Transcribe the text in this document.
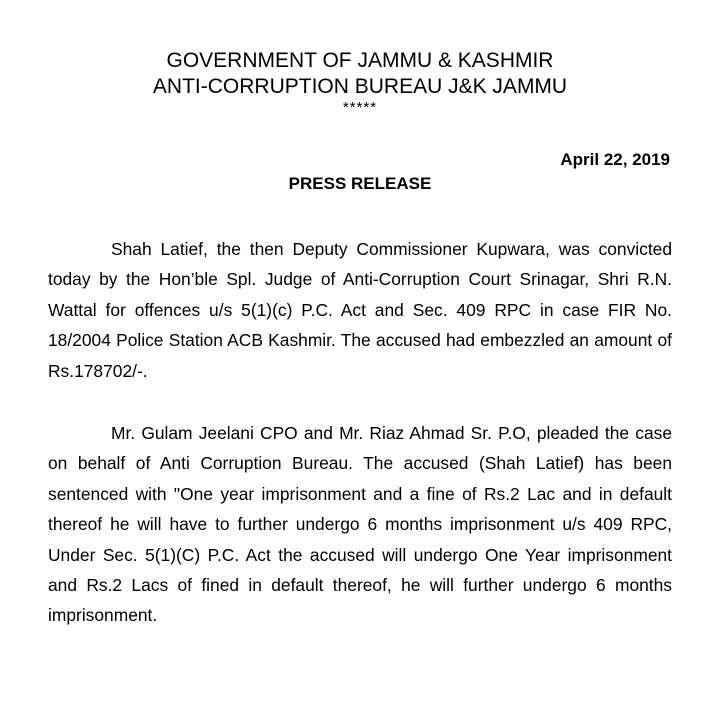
GOVERNMENT OF JAMMU & KASHMIR
ANTI-CORRUPTION BUREAU J&K JAMMU
*****
April 22, 2019
PRESS RELEASE

Shah Latief, the then Deputy Commissioner Kupwara, was convicted today by the Hon’ble Spl. Judge of Anti-Corruption Court Srinagar, Shri R.N. Wattal for offences u/s 5(1)(c) P.C. Act and Sec. 409 RPC in case FIR No. 18/2004 Police Station ACB Kashmir. The accused had embezzled an amount of Rs.178702/-.

Mr. Gulam Jeelani CPO and Mr. Riaz Ahmad Sr. P.O, pleaded the case on behalf of Anti Corruption Bureau. The accused (Shah Latief) has been sentenced with "One year imprisonment and a fine of Rs.2 Lac and in default thereof he will have to further undergo 6 months imprisonment u/s 409 RPC, Under Sec. 5(1)(C) P.C. Act the accused will undergo One Year imprisonment and Rs.2 Lacs of fined in default thereof, he will further undergo 6 months imprisonment.
